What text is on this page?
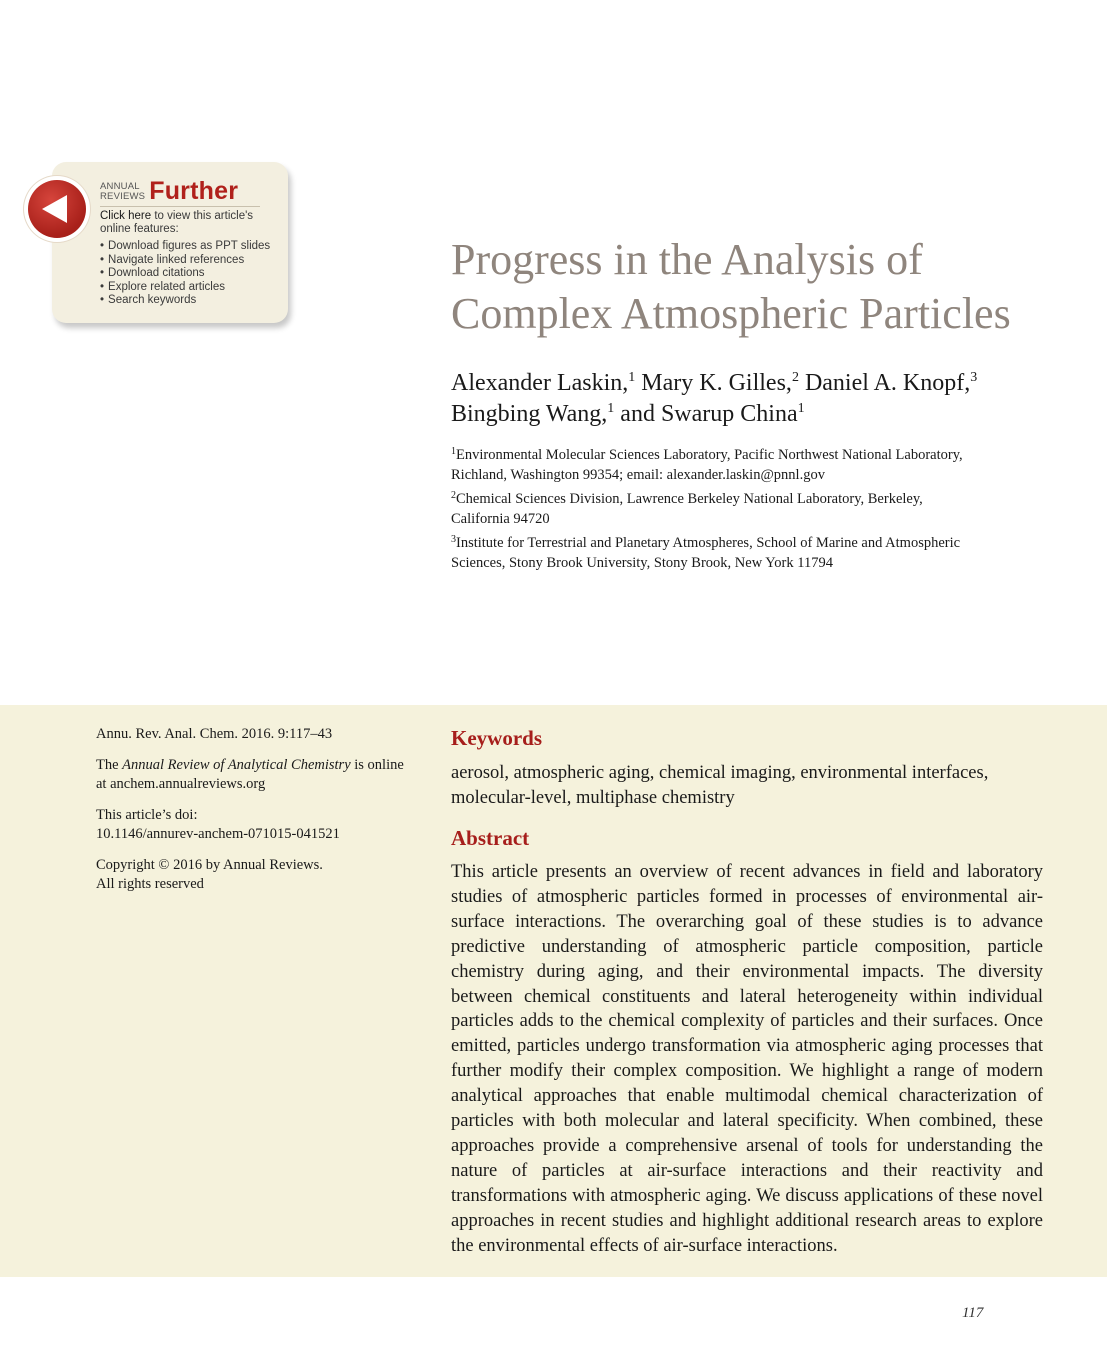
ANNUAL
REVIEWS Further
Click here to view this article's online features:
• Download figures as PPT slides
• Navigate linked references
• Download citations
• Explore related articles
• Search keywords
Progress in the Analysis of
Complex Atmospheric Particles
Alexander Laskin,$^1$ Mary K. Gilles,$^2$ Daniel A. Knopf,$^3$
Bingbing Wang,$^1$ and Swarup China$^1$
$^1$Environmental Molecular Sciences Laboratory, Pacific Northwest National Laboratory,
Richland, Washington 99354; email: alexander.laskin@pnnl.gov
$^2$Chemical Sciences Division, Lawrence Berkeley National Laboratory, Berkeley,
California 94720
$^3$Institute for Terrestrial and Planetary Atmospheres, School of Marine and Atmospheric
Sciences, Stony Brook University, Stony Brook, New York 11794

Annu. Rev. Anal. Chem. 2016. 9:117–43

The Annual Review of Analytical Chemistry is online
at anchem.annualreviews.org

This article’s doi:
10.1146/annurev-anchem-071015-041521

Copyright © 2016 by Annual Reviews.
All rights reserved

Keywords
aerosol, atmospheric aging, chemical imaging, environmental interfaces,
molecular-level, multiphase chemistry
Abstract

This article presents an overview of recent advances in field and laboratory studies of atmospheric particles formed in processes of environmental air-surface interactions. The overarching goal of these studies is to advance predictive understanding of atmospheric particle composition, particle chemistry during aging, and their environmental impacts. The diversity between chemical constituents and lateral heterogeneity within individual particles adds to the chemical complexity of particles and their surfaces. Once emitted, particles undergo transformation via atmospheric aging processes that further modify their complex composition. We highlight a range of modern analytical approaches that enable multimodal chemical characterization of particles with both molecular and lateral specificity. When combined, these approaches provide a comprehensive arsenal of tools for understanding the nature of particles at air-surface interactions and their reactivity and transformations with atmospheric aging. We discuss applications of these novel approaches in recent studies and highlight additional research areas to explore the environmental effects of air-surface interactions.

117
